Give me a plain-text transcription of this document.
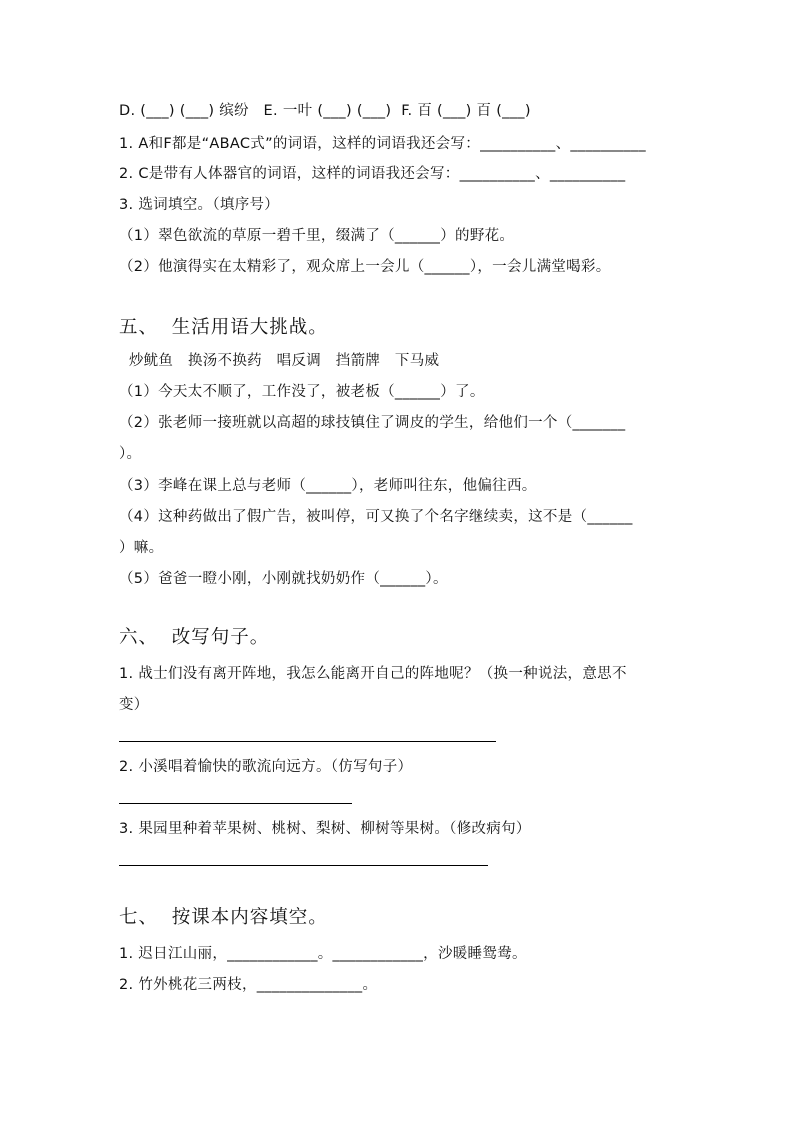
D. (___) (___) 缤纷   E. 一叶 (___) (___)  F. 百 (___) 百 (___)
1. A和F都是“ABAC式”的词语，这样的词语我还会写：__________、__________
2. C是带有人体器官的词语，这样的词语我还会写：__________、__________
3. 选词填空。（填序号）
（1）翠色欲流的草原一碧千里，缀满了（______）的野花。
（2）他演得实在太精彩了，观众席上一会儿（______），一会儿满堂喝彩。
五、  生活用语大挑战。
炒鱿鱼   换汤不换药   唱反调   挡箭牌   下马威
（1）今天太不顺了，工作没了，被老板（______）了。
（2）张老师一接班就以高超的球技镇住了调皮的学生，给他们一个（_______
）。
（3）李峰在课上总与老师（______），老师叫往东，他偏往西。
（4）这种药做出了假广告，被叫停，可又换了个名字继续卖，这不是（______
）嘛。
（5）爸爸一瞪小刚，小刚就找奶奶作（______）。
六、  改写句子。
1. 战士们没有离开阵地，我怎么能离开自己的阵地呢？（换一种说法，意思不
变）
2. 小溪唱着愉快的歌流向远方。（仿写句子）
3. 果园里种着苹果树、桃树、梨树、柳树等果树。（修改病句）
七、  按课本内容填空。
1. 迟日江山丽，____________。____________，沙暖睡鸳鸯。
2. 竹外桃花三两枝，______________。
